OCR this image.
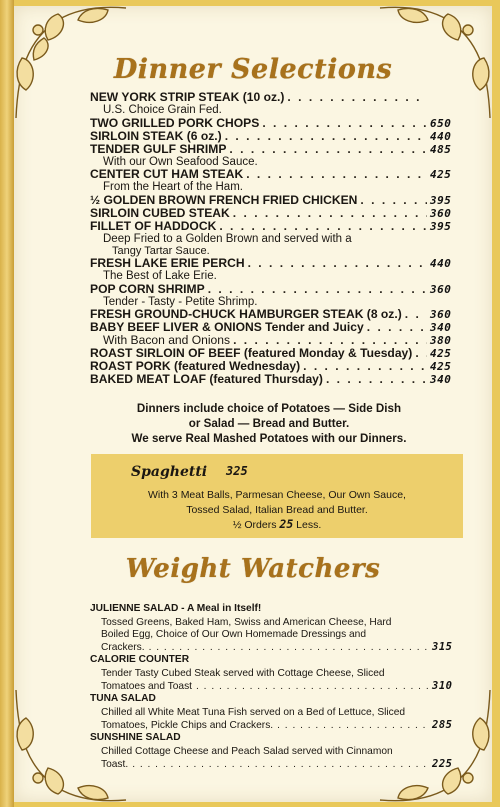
Dinner Selections
NEW YORK STRIP STEAK (10 oz.)
. . .
U.S. Choice Grain Fed.
TWO GRILLED PORK CHOPS . . .	650
SIRLOIN STEAK (6 oz.) . . .	440
TENDER GULF SHRIMP . . .	485
With our Own Seafood Sauce.
CENTER CUT HAM STEAK . . .	425
From the Heart of the Ham.
½ GOLDEN BROWN FRENCH FRIED CHICKEN . . .	395
SIRLOIN CUBED STEAK . . .	360
FILLET OF HADDOCK . . .	395
Deep Fried to a Golden Brown and served with a
Tangy Tartar Sauce.
FRESH LAKE ERIE PERCH . . .	440
The Best of Lake Erie.
POP CORN SHRIMP . . .	360
Tender - Tasty - Petite Shrimp.
FRESH GROUND-CHUCK HAMBURGER STEAK (8 oz.) . . .	360
BABY BEEF LIVER & ONIONS Tender and Juicy . . .	340
With Bacon and Onions . . .	380
ROAST SIRLOIN OF BEEF (featured Monday & Tuesday) . . . 425
ROAST PORK (featured Wednesday) . . .	425
BAKED MEAT LOAF (featured Thursday) . . .	340
Dinners include choice of Potatoes — Side Dish
or Salad — Bread and Butter.
We serve Real Mashed Potatoes with our Dinners.
Spaghetti 325
With 3 Meat Balls, Parmesan Cheese, Our Own Sauce,
Tossed Salad, Italian Bread and Butter.
½ Orders 25 Less.
Weight Watchers
JULIENNE SALAD - A Meal in Itself!
Tossed Greens, Baked Ham, Swiss and American Cheese, Hard
Boiled Egg, Choice of Our Own Homemade Dressings and
Crackers. . . .	315
CALORIE COUNTER
Tender Tasty Cubed Steak served with Cottage Cheese, Sliced
Tomatoes and Toast . . .	310
TUNA SALAD
Chilled all White Meat Tuna Fish served on a Bed of Lettuce, Sliced
Tomatoes, Pickle Chips and Crackers. . . .	285
SUNSHINE SALAD
Chilled Cottage Cheese and Peach Salad served with Cinnamon
Toast. . . .	225
